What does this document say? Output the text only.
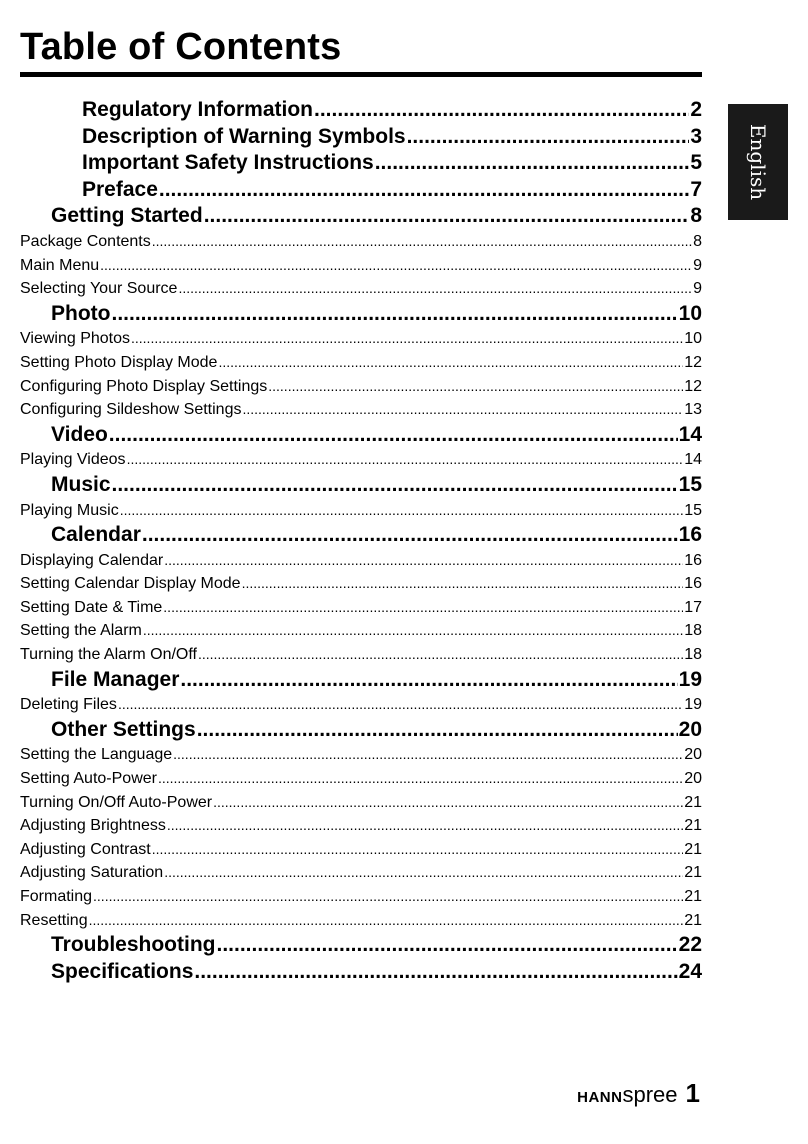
Table of Contents
English
Regulatory Information .....	2
Description of Warning Symbols .....	3
Important Safety Instructions .....	5
Preface .....	7
Getting Started .....	8
Package Contents .....	8
Main Menu .....	9
Selecting Your Source .....	9
Photo .....	10
Viewing Photos .....	10
Setting Photo Display Mode .....	12
Configuring Photo Display Settings .....	12
Configuring Sildeshow Settings .....	13
Video .....	14
Playing Videos .....	14
Music .....	15
Playing Music .....	15
Calendar .....	16
Displaying Calendar .....	16
Setting Calendar Display Mode .....	16
Setting Date & Time .....	17
Setting the Alarm .....	18
Turning the Alarm On/Off .....	18
File Manager .....	19
Deleting Files .....	19
Other Settings .....	20
Setting the Language .....	20
Setting Auto-Power .....	20
Turning On/Off Auto-Power .....	21
Adjusting Brightness .....	21
Adjusting Contrast .....	21
Adjusting Saturation .....	21
Formating .....	21
Resetting .....	21
Troubleshooting .....	22
Specifications .....	24
HANN spree 1
